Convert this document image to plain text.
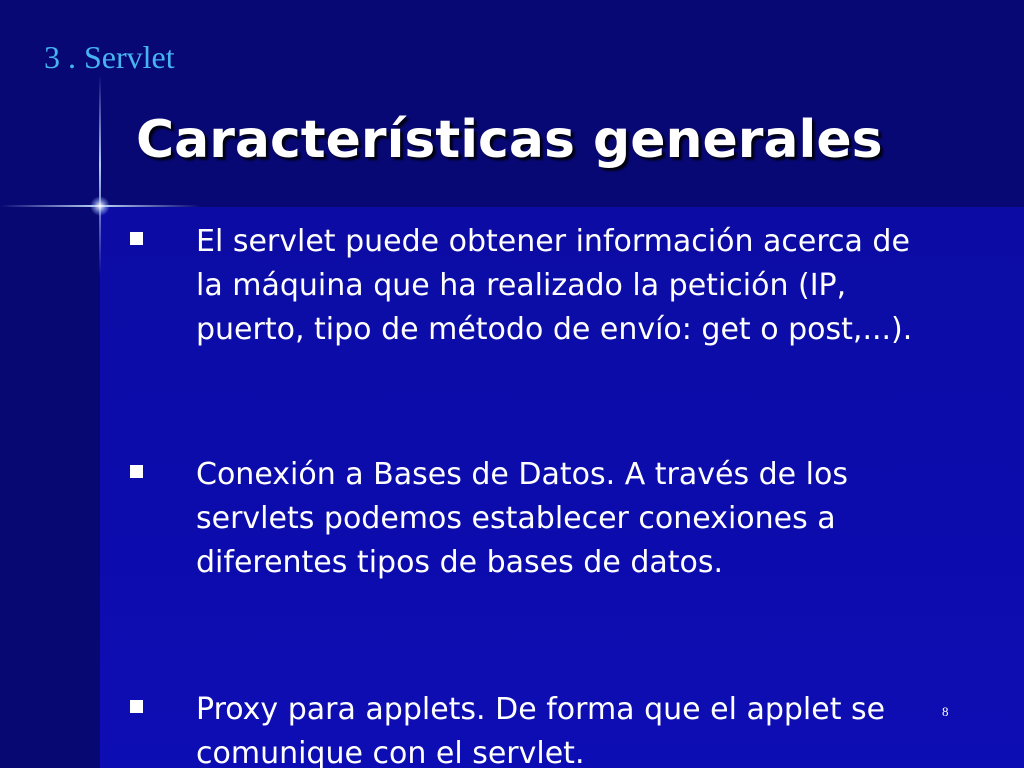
3 . Servlet
Características generales
El servlet puede obtener información acerca de la máquina que ha realizado la petición (IP, puerto, tipo de método de envío: get o post,...).
Conexión a Bases de Datos. A través de los servlets podemos establecer conexiones a diferentes tipos de bases de datos.
Proxy para applets. De forma que el applet se comunique con el servlet.
8
